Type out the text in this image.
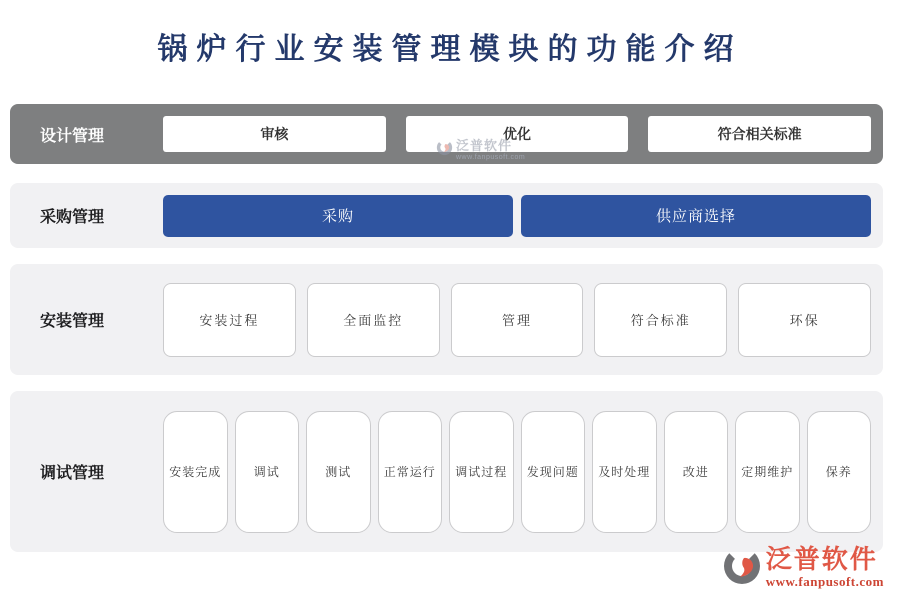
锅炉行业安装管理模块的功能介绍
设计管理	审核	优化	符合相关标准
采购管理	采购	供应商选择
安装管理	安装过程	全面监控	管理	符合标准	环保
调试管理	安装完成	调试	测试	正常运行	调试过程	发现问题	及时处理	改进	定期维护	保养
泛普软件
www.fanpusoft.com
泛普软件
www.fanpusoft.com
